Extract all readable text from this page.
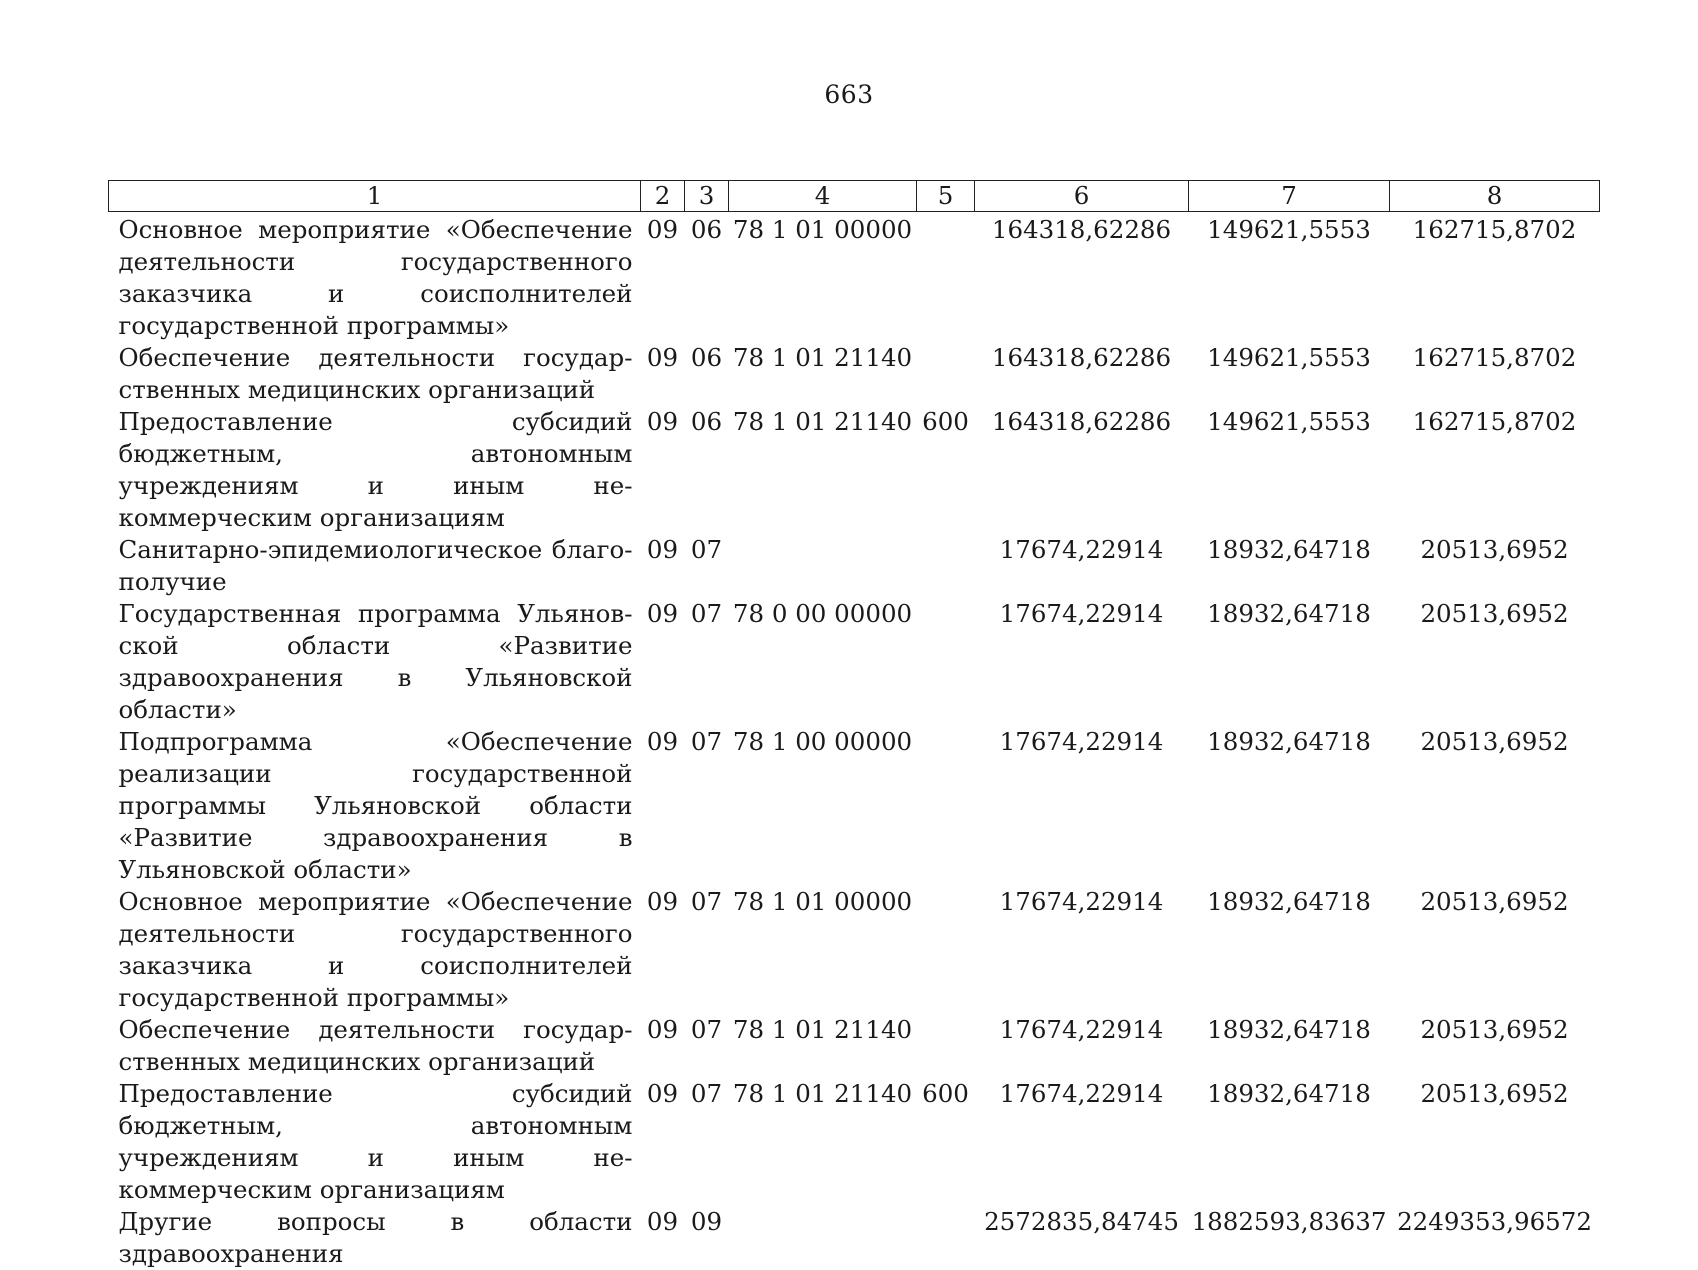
663
1	2	3	4	5	6	7	8
Основное мероприятие «Обеспечение деятельности государственного заказчика и соисполнителей государственной программы»	09	06	78 1 01 00000		164318,62286	149621,5553	162715,8702
Обеспечение деятельности государственных медицинских организаций	09	06	78 1 01 21140		164318,62286	149621,5553	162715,8702
Предоставление субсидий бюджетным, автономным учреждениям и иным некоммерческим организациям	09	06	78 1 01 21140	600	164318,62286	149621,5553	162715,8702
Санитарно-эпидемиологическое благополучие	09	07			17674,22914	18932,64718	20513,6952
Государственная программа Ульяновской области «Развитие здравоохранения в Ульяновской области»	09	07	78 0 00 00000		17674,22914	18932,64718	20513,6952
Подпрограмма «Обеспечение реализации государственной программы Ульяновской области «Развитие здравоохранения в Ульяновской области»	09	07	78 1 00 00000		17674,22914	18932,64718	20513,6952
Основное мероприятие «Обеспечение деятельности государственного заказчика и соисполнителей государственной программы»	09	07	78 1 01 00000		17674,22914	18932,64718	20513,6952
Обеспечение деятельности государственных медицинских организаций	09	07	78 1 01 21140		17674,22914	18932,64718	20513,6952
Предоставление субсидий бюджетным, автономным учреждениям и иным некоммерческим организациям	09	07	78 1 01 21140	600	17674,22914	18932,64718	20513,6952
Другие вопросы в области здравоохранения	09	09			2572835,84745	1882593,83637	2249353,96572
